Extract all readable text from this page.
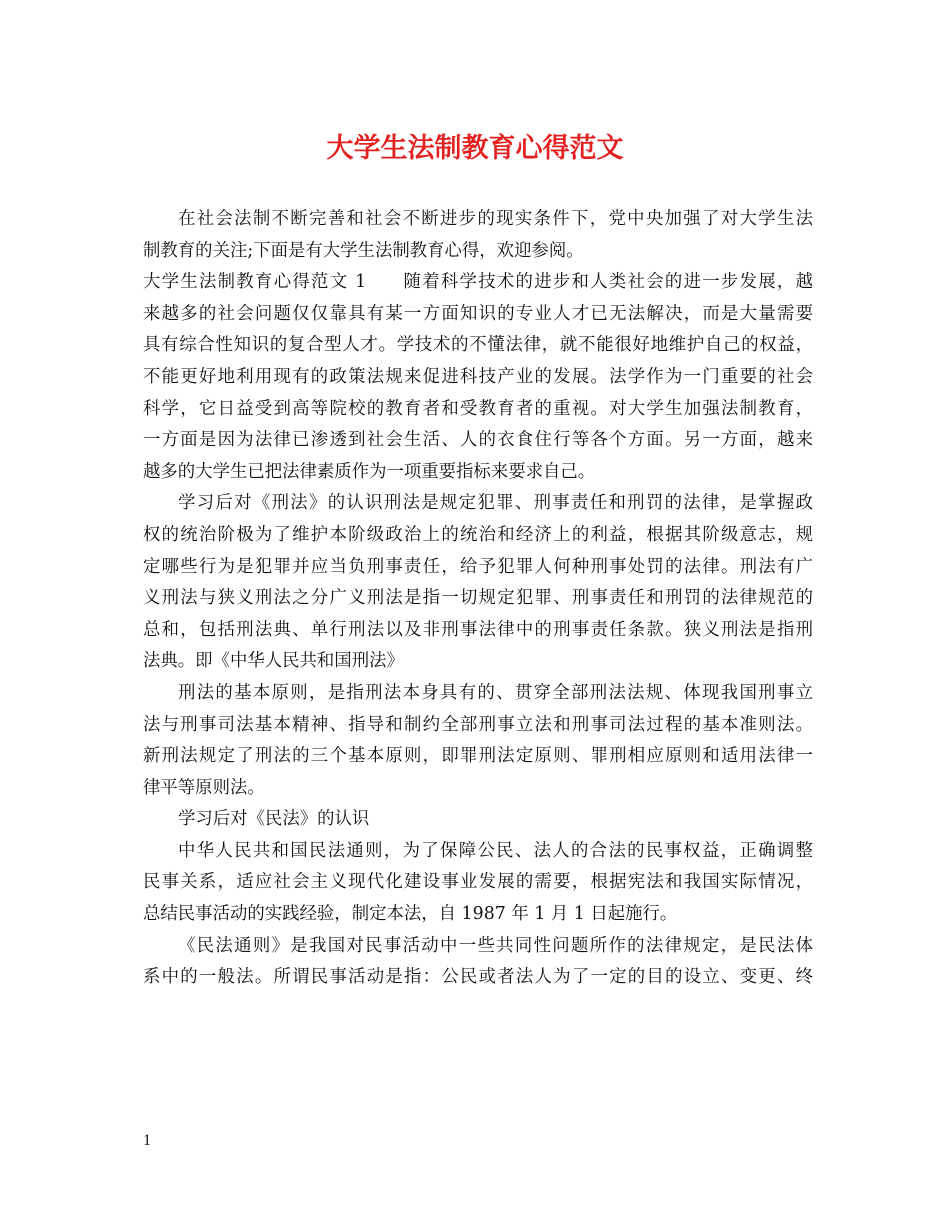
大学生法制教育心得范文
在社会法制不断完善和社会不断进步的现实条件下，党中央加强了对大学生法
制教育的关注;下面是有大学生法制教育心得，欢迎参阅。
大学生法制教育心得范文 1 随着科学技术的进步和人类社会的进一步发展，越
来越多的社会问题仅仅靠具有某一方面知识的专业人才已无法解决，而是大量需要
具有综合性知识的复合型人才。学技术的不懂法律，就不能很好地维护自己的权益，
不能更好地利用现有的政策法规来促进科技产业的发展。法学作为一门重要的社会
科学，它日益受到高等院校的教育者和受教育者的重视。对大学生加强法制教育，
一方面是因为法律已渗透到社会生活、人的衣食住行等各个方面。另一方面，越来
越多的大学生已把法律素质作为一项重要指标来要求自己。
学习后对《刑法》的认识刑法是规定犯罪、刑事责任和刑罚的法律，是掌握政
权的统治阶极为了维护本阶级政治上的统治和经济上的利益，根据其阶级意志，规
定哪些行为是犯罪并应当负刑事责任，给予犯罪人何种刑事处罚的法律。刑法有广
义刑法与狭义刑法之分广义刑法是指一切规定犯罪、刑事责任和刑罚的法律规范的
总和，包括刑法典、单行刑法以及非刑事法律中的刑事责任条款。狭义刑法是指刑
法典。即《中华人民共和国刑法》
刑法的基本原则，是指刑法本身具有的、贯穿全部刑法法规、体现我国刑事立
法与刑事司法基本精神、指导和制约全部刑事立法和刑事司法过程的基本准则法。
新刑法规定了刑法的三个基本原则，即罪刑法定原则、罪刑相应原则和适用法律一
律平等原则法。
学习后对《民法》的认识
中华人民共和国民法通则，为了保障公民、法人的合法的民事权益，正确调整
民事关系，适应社会主义现代化建设事业发展的需要，根据宪法和我国实际情况，
总结民事活动的实践经验，制定本法，自 1987 年 1 月 1 日起施行。
《民法通则》是我国对民事活动中一些共同性问题所作的法律规定，是民法体
系中的一般法。所谓民事活动是指：公民或者法人为了一定的目的设立、变更、终
1
